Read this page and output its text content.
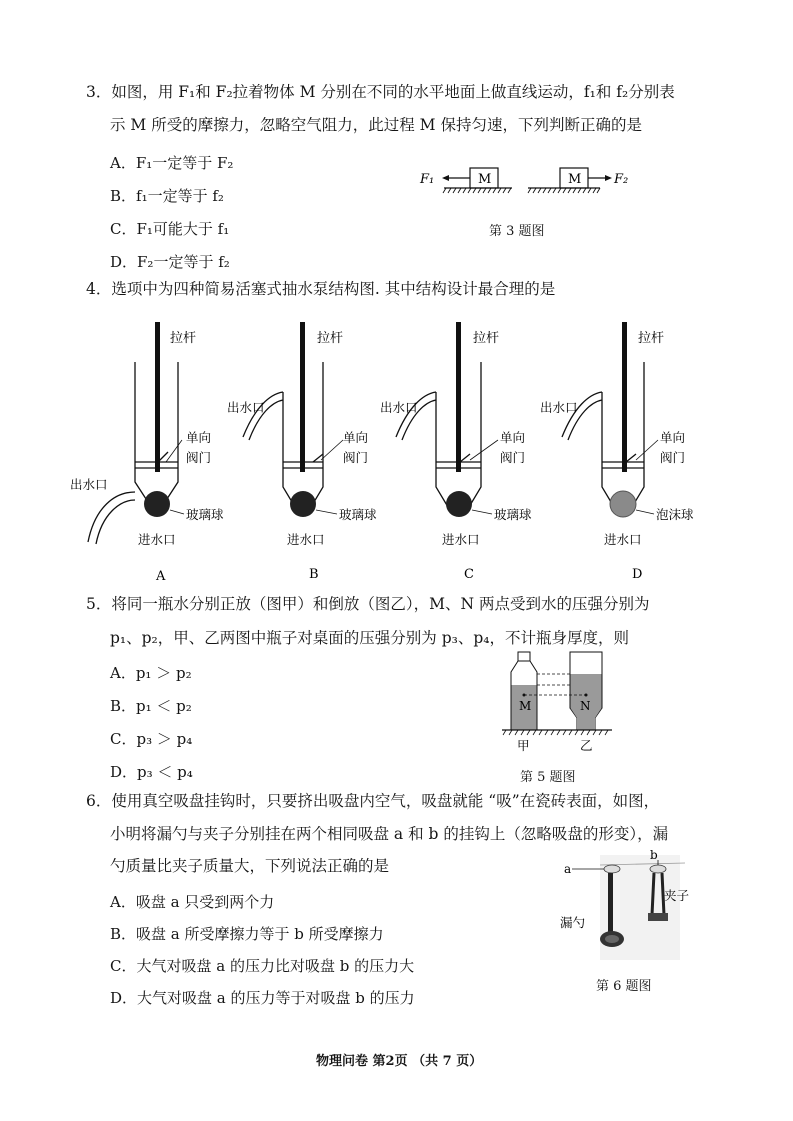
3．如图，用 F₁和 F₂拉着物体 M 分别在不同的水平地面上做直线运动，f₁和 f₂分别表
示 M 所受的摩擦力，忽略空气阻力，此过程 M 保持匀速，下列判断正确的是
A．F₁一定等于 F₂
B．f₁一定等于 f₂
C．F₁可能大于 f₁
D．F₂一定等于 f₂
F₁	M	M	F₂
第 3 题图
4．选项中为四种简易活塞式抽水泵结构图. 其中结构设计最合理的是
拉杆
单向
阀门
玻璃球
出水口
进水口
A
拉杆
出水口
单向
阀门
玻璃球
进水口
B
拉杆
出水口
单向
阀门
玻璃球
进水口
C
拉杆
出水口
单向
阀门
泡沫球
进水口
D
5．将同一瓶水分别正放（图甲）和倒放（图乙），M、N 两点受到水的压强分别为
p₁、p₂，甲、乙两图中瓶子对桌面的压强分别为 p₃、p₄，不计瓶身厚度，则
A．p₁ ＞ p₂
B．p₁ ＜ p₂
C．p₃ ＞ p₄
D．p₃ ＜ p₄
M	N
甲	乙
第 5 题图
6．使用真空吸盘挂钩时，只要挤出吸盘内空气，吸盘就能 “吸”在瓷砖表面，如图，
小明将漏勺与夹子分别挂在两个相同吸盘 a 和 b 的挂钩上（忽略吸盘的形变），漏
勺质量比夹子质量大，下列说法正确的是
A．吸盘 a 只受到两个力
B．吸盘 a 所受摩擦力等于 b 所受摩擦力
C．大气对吸盘 a 的压力比对吸盘 b 的压力大
D．大气对吸盘 a 的压力等于对吸盘 b 的压力
a
b
漏勺
夹子
第 6 题图
物理问卷 第2页 （共 7 页）
